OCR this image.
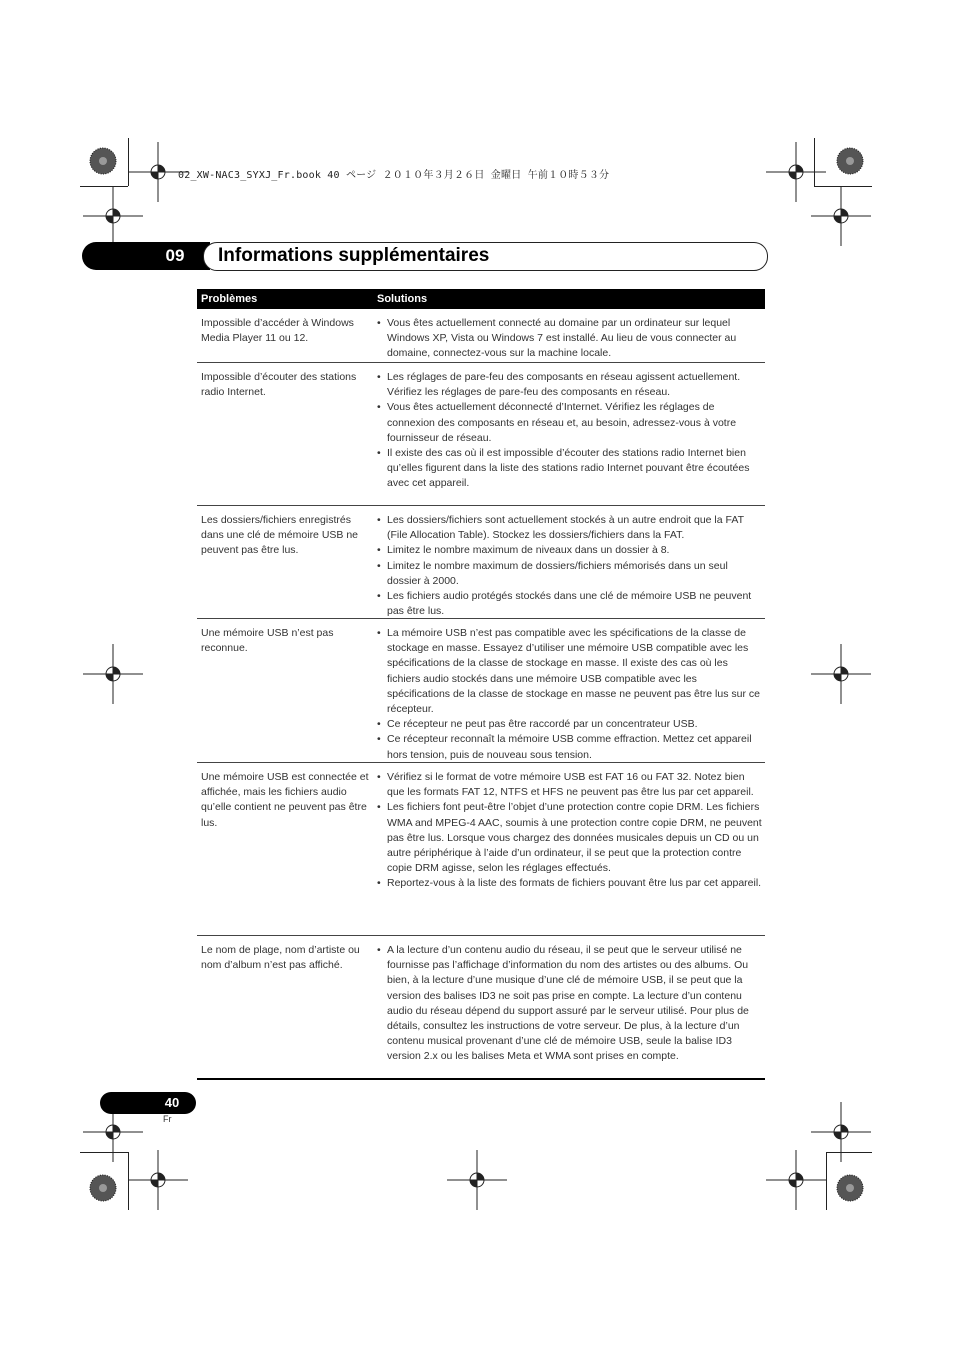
02_XW-NAC3_SYXJ_Fr.book 40 ページ ２０１０年３月２６日 金曜日 午前１０時５３分
09	Informations supplémentaires
Problèmes	Solutions
Impossible d’accéder à Windows Media Player 11 ou 12.
• Vous êtes actuellement connecté au domaine par un ordinateur sur lequel Windows XP, Vista ou Windows 7 est installé. Au lieu de vous connecter au domaine, connectez-vous sur la machine locale.
Impossible d’écouter des stations radio Internet.
• Les réglages de pare-feu des composants en réseau agissent actuellement. Vérifiez les réglages de pare-feu des composants en réseau.
• Vous êtes actuellement déconnecté d’Internet. Vérifiez les réglages de connexion des composants en réseau et, au besoin, adressez-vous à votre fournisseur de réseau.
• Il existe des cas où il est impossible d’écouter des stations radio Internet bien qu’elles figurent dans la liste des stations radio Internet pouvant être écoutées avec cet appareil.
Les dossiers/fichiers enregistrés dans une clé de mémoire USB ne peuvent pas être lus.
• Les dossiers/fichiers sont actuellement stockés à un autre endroit que la FAT (File Allocation Table). Stockez les dossiers/fichiers dans la FAT.
• Limitez le nombre maximum de niveaux dans un dossier à 8.
• Limitez le nombre maximum de dossiers/fichiers mémorisés dans un seul dossier à 2000.
• Les fichiers audio protégés stockés dans une clé de mémoire USB ne peuvent pas être lus.
Une mémoire USB n’est pas reconnue.
• La mémoire USB n’est pas compatible avec les spécifications de la classe de stockage en masse. Essayez d’utiliser une mémoire USB compatible avec les spécifications de la classe de stockage en masse. Il existe des cas où les fichiers audio stockés dans une mémoire USB compatible avec les spécifications de la classe de stockage en masse ne peuvent pas être lus sur ce récepteur.
• Ce récepteur ne peut pas être raccordé par un concentrateur USB.
• Ce récepteur reconnaît la mémoire USB comme effraction. Mettez cet appareil hors tension, puis de nouveau sous tension.
Une mémoire USB est connectée et affichée, mais les fichiers audio qu’elle contient ne peuvent pas être lus.
• Vérifiez si le format de votre mémoire USB est FAT 16 ou FAT 32. Notez bien que les formats FAT 12, NTFS et HFS ne peuvent pas être lus par cet appareil.
• Les fichiers font peut-être l’objet d’une protection contre copie DRM. Les fichiers WMA and MPEG-4 AAC, soumis à une protection contre copie DRM, ne peuvent pas être lus. Lorsque vous chargez des données musicales depuis un CD ou un autre périphérique à l’aide d’un ordinateur, il se peut que la protection contre copie DRM agisse, selon les réglages effectués.
• Reportez-vous à la liste des formats de fichiers pouvant être lus par cet appareil.
Le nom de plage, nom d’artiste ou nom d’album n’est pas affiché.
• A la lecture d’un contenu audio du réseau, il se peut que le serveur utilisé ne fournisse pas l’affichage d’information du nom des artistes ou des albums. Ou bien, à la lecture d’une musique d’une clé de mémoire USB, il se peut que la version des balises ID3 ne soit pas prise en compte. La lecture d’un contenu audio du réseau dépend du support assuré par le serveur utilisé. Pour plus de détails, consultez les instructions de votre serveur. De plus, à la lecture d’un contenu musical provenant d’une clé de mémoire USB, seule la balise ID3 version 2.x ou les balises Meta et WMA sont prises en compte.
40
Fr
